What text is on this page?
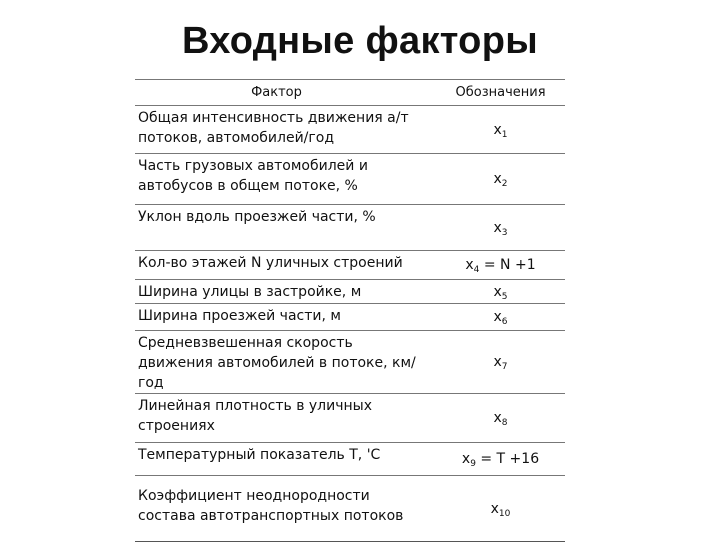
Входные факторы
Фактор	Обозначения
Общая интенсивность движения а/т потоков, автомобилей/год	$x_1$
Часть грузовых автомобилей и автобусов в общем потоке, %	$x_2$
Уклон вдоль проезжей части, %	$x_3$
Кол-во этажей N уличных строений	$x_4 = N +1$
Ширина улицы в застройке, м	$x_5$
Ширина проезжей части, м	$x_6$
Средневзвешенная скорость движения автомобилей в потоке, км/год	$x_7$
Линейная плотность в уличных строениях	$x_8$
Температурный показатель Т, 'С	$x_9 = T +16$
Коэффициент неоднородности состава автотранспортных потоков	$x_{10}$
